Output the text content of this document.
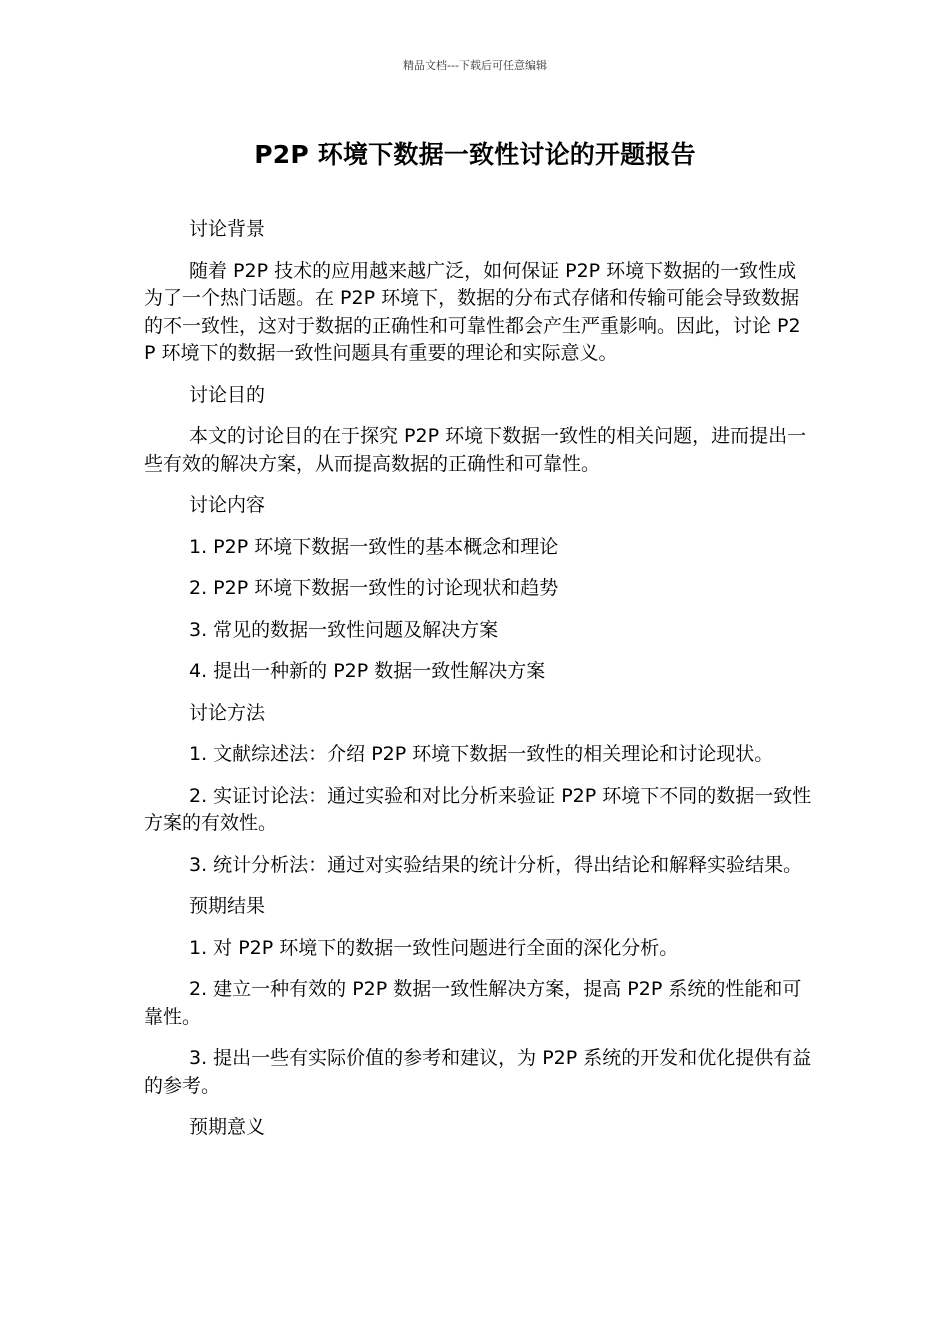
精品文档---下载后可任意编辑
P2P 环境下数据一致性讨论的开题报告

讨论背景

随着 P2P 技术的应用越来越广泛，如何保证 P2P 环境下数据的一致性成为了一个热门话题。在 P2P 环境下，数据的分布式存储和传输可能会导致数据的不一致性，这对于数据的正确性和可靠性都会产生严重影响。因此，讨论 P2P 环境下的数据一致性问题具有重要的理论和实际意义。

讨论目的

本文的讨论目的在于探究 P2P 环境下数据一致性的相关问题，进而提出一些有效的解决方案，从而提高数据的正确性和可靠性。

讨论内容

1. P2P 环境下数据一致性的基本概念和理论

2. P2P 环境下数据一致性的讨论现状和趋势

3. 常见的数据一致性问题及解决方案

4. 提出一种新的 P2P 数据一致性解决方案

讨论方法

1. 文献综述法：介绍 P2P 环境下数据一致性的相关理论和讨论现状。

2. 实证讨论法：通过实验和对比分析来验证 P2P 环境下不同的数据一致性方案的有效性。

3. 统计分析法：通过对实验结果的统计分析，得出结论和解释实验结果。

预期结果

1. 对 P2P 环境下的数据一致性问题进行全面的深化分析。

2. 建立一种有效的 P2P 数据一致性解决方案，提高 P2P 系统的性能和可靠性。

3. 提出一些有实际价值的参考和建议，为 P2P 系统的开发和优化提供有益的参考。

预期意义
